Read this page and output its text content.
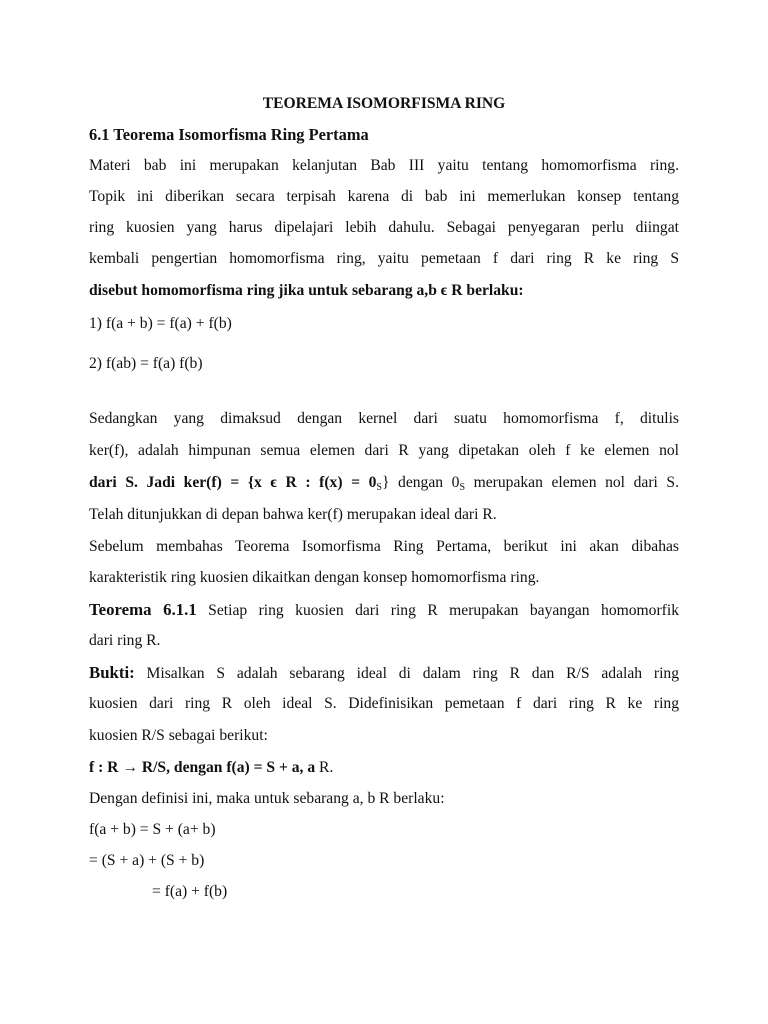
TEOREMA ISOMORFISMA RING
6.1 Teorema Isomorfisma Ring Pertama
Materi bab ini merupakan kelanjutan Bab III yaitu tentang homomorfisma ring.
Topik ini diberikan secara terpisah karena di bab ini memerlukan konsep tentang
ring kuosien yang harus dipelajari lebih dahulu. Sebagai penyegaran perlu diingat
kembali pengertian homomorfisma ring, yaitu pemetaan f dari ring R ke ring S
disebut homomorfisma ring jika untuk sebarang a,b ϵ R berlaku:
1) f(a + b) = f(a) + f(b)
2) f(ab) = f(a) f(b)
Sedangkan yang dimaksud dengan kernel dari suatu homomorfisma f, ditulis
ker(f), adalah himpunan semua elemen dari R yang dipetakan oleh f ke elemen nol
dari S. Jadi ker(f) = {x ϵ R : $f(x) = 0_S$} dengan $0_S$ merupakan elemen nol dari S.
Telah ditunjukkan di depan bahwa ker(f) merupakan ideal dari R.
Sebelum membahas Teorema Isomorfisma Ring Pertama, berikut ini akan dibahas
karakteristik ring kuosien dikaitkan dengan konsep homomorfisma ring.
Teorema 6.1.1 Setiap ring kuosien dari ring R merupakan bayangan homomorfik
dari ring R.
Bukti: Misalkan S adalah sebarang ideal di dalam ring R dan R/S adalah ring
kuosien dari ring R oleh ideal S. Didefinisikan pemetaan f dari ring R ke ring
kuosien R/S sebagai berikut:
f : R → R/S, dengan f(a) = S + a, a R.
Dengan definisi ini, maka untuk sebarang a, b R berlaku:
f(a + b) = S + (a+ b)
= (S + a) + (S + b)
= f(a) + f(b)
